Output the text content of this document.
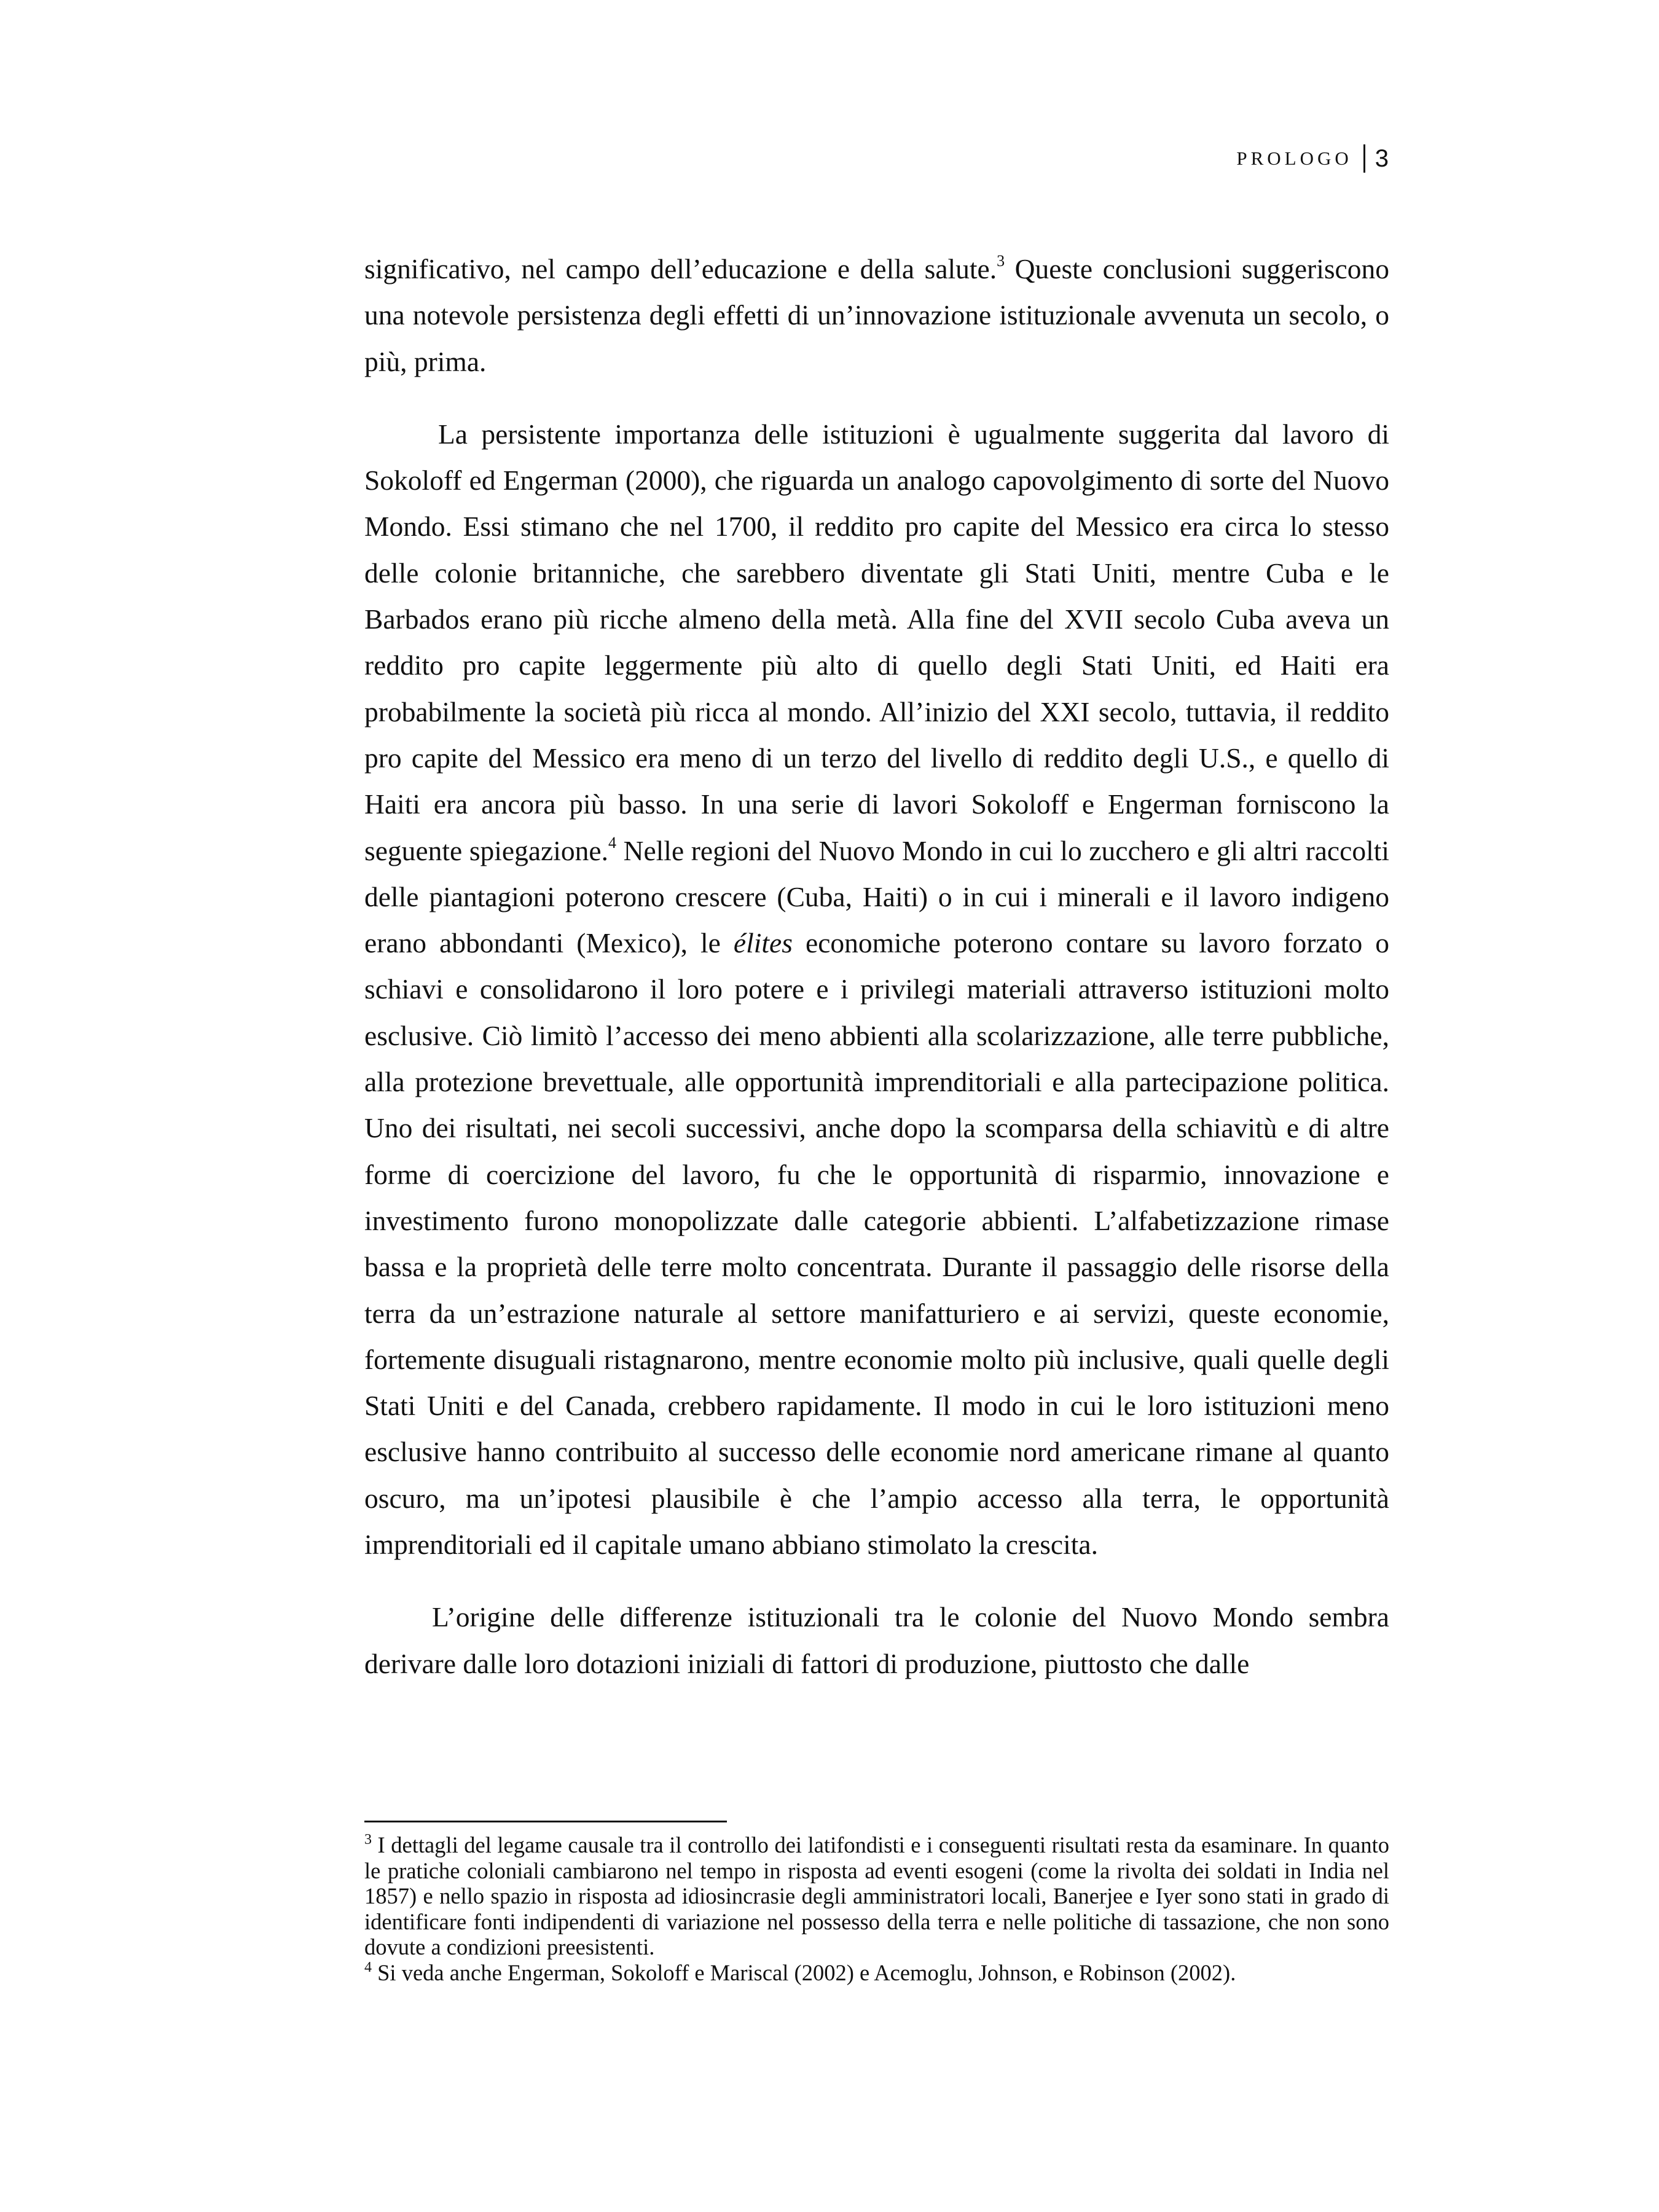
PROLOGO 3

significativo, nel campo dell’educazione e della salute.$^3$ Queste conclusioni suggeriscono una notevole persistenza degli effetti di un’innovazione istituzionale avvenuta un secolo, o più, prima.

La persistente importanza delle istituzioni è ugualmente suggerita dal lavoro di Sokoloff ed Engerman (2000), che riguarda un analogo capovolgimento di sorte del Nuovo Mondo. Essi stimano che nel 1700, il reddito pro capite del Messico era circa lo stesso delle colonie britanniche, che sarebbero diventate gli Stati Uniti, mentre Cuba e le Barbados erano più ricche almeno della metà. Alla fine del XVII secolo Cuba aveva un reddito pro capite leggermente più alto di quello degli Stati Uniti, ed Haiti era probabilmente la società più ricca al mondo. All’inizio del XXI secolo, tuttavia, il reddito pro capite del Messico era meno di un terzo del livello di reddito degli U.S., e quello di Haiti era ancora più basso. In una serie di lavori Sokoloff e Engerman forniscono la seguente spiegazione.$^4$ Nelle regioni del Nuovo Mondo in cui lo zucchero e gli altri raccolti delle piantagioni poterono crescere (Cuba, Haiti) o in cui i minerali e il lavoro indigeno erano abbondanti (Mexico), le élites economiche poterono contare su lavoro forzato o schiavi e consolidarono il loro potere e i privilegi materiali attraverso istituzioni molto esclusive. Ciò limitò l’accesso dei meno abbienti alla scolarizzazione, alle terre pubbliche, alla protezione brevettuale, alle opportunità imprenditoriali e alla partecipazione politica. Uno dei risultati, nei secoli successivi, anche dopo la scomparsa della schiavitù e di altre forme di coercizione del lavoro, fu che le opportunità di risparmio, innovazione e investimento furono monopolizzate dalle categorie abbienti. L’alfabetizzazione rimase bassa e la proprietà delle terre molto concentrata. Durante il passaggio delle risorse della terra da un’estrazione naturale al settore manifatturiero e ai servizi, queste economie, fortemente disuguali ristagnarono, mentre economie molto più inclusive, quali quelle degli Stati Uniti e del Canada, crebbero rapidamente. Il modo in cui le loro istituzioni meno esclusive hanno contribuito al successo delle economie nord americane rimane al quanto oscuro, ma un’ipotesi plausibile è che l’ampio accesso alla terra, le opportunità imprenditoriali ed il capitale umano abbiano stimolato la crescita.

L’origine delle differenze istituzionali tra le colonie del Nuovo Mondo sembra derivare dalle loro dotazioni iniziali di fattori di produzione, piuttosto che dalle

$^3$ I dettagli del legame causale tra il controllo dei latifondisti e i conseguenti risultati resta da esaminare. In quanto le pratiche coloniali cambiarono nel tempo in risposta ad eventi esogeni (come la rivolta dei soldati in India nel 1857) e nello spazio in risposta ad idiosincrasie degli amministratori locali, Banerjee e Iyer sono stati in grado di identificare fonti indipendenti di variazione nel possesso della terra e nelle politiche di tassazione, che non sono dovute a condizioni preesistenti.

$^4$ Si veda anche Engerman, Sokoloff e Mariscal (2002) e Acemoglu, Johnson, e Robinson (2002).
